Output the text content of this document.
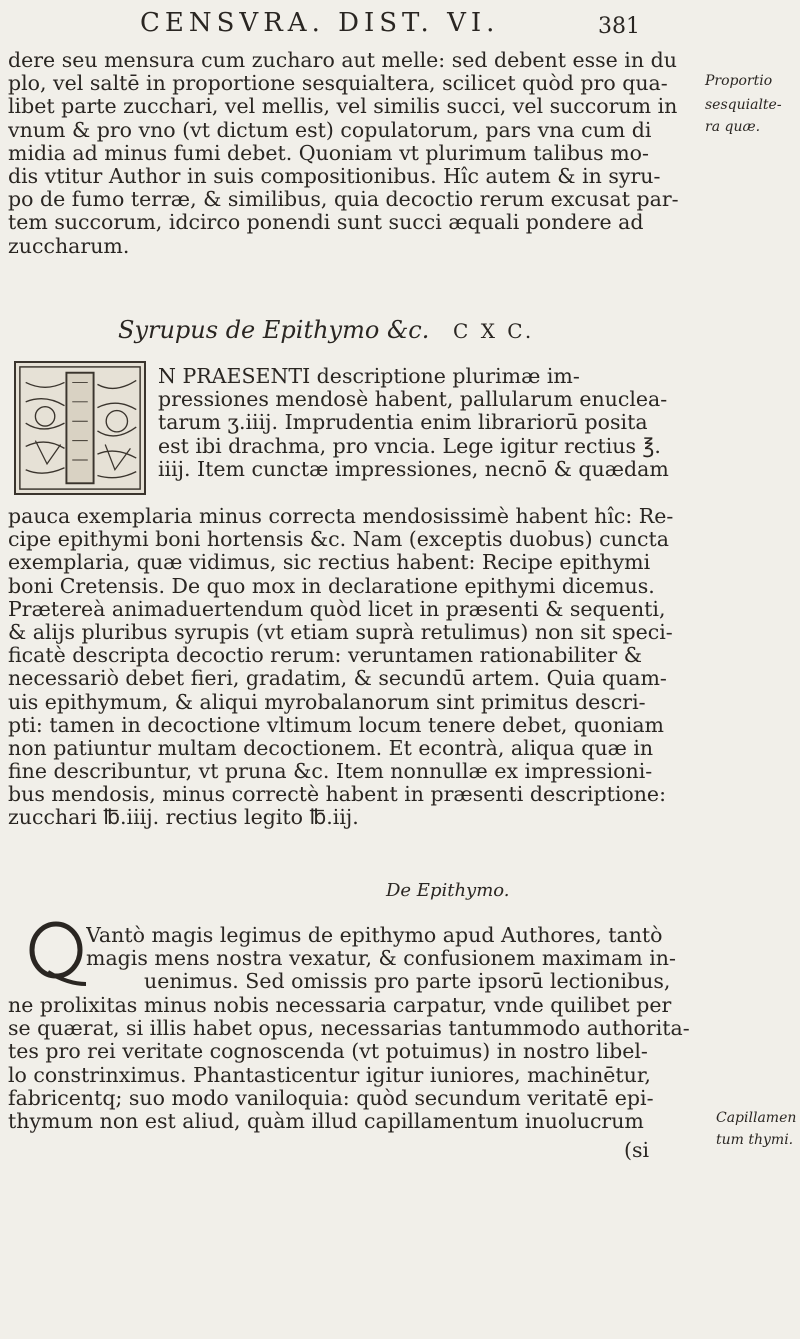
CENSVRA. DIST. VI.	381
dere seu mensura cum zucharo aut melle: sed debent esse in du
plo, vel saltē in proportione sesquialtera, scilicet quòd pro qua-
libet parte zucchari, vel mellis, vel similis succi, vel succorum in
vnum & pro vno (vt dictum est) copulatorum, pars vna cum di
midia ad minus fumi debet. Quoniam vt plurimum talibus mo-
dis vtitur Author in suis compositionibus. Hîc autem & in syru-
po de fumo terræ, & similibus, quia decoctio rerum excusat par-
tem succorum, idcirco ponendi sunt succi æquali pondere ad
zuccharum.
Proportio
sesquialte-
ra quæ.
Syrupus de Epithymo &c. C X C.
N PRAESENTI descriptione plurimæ im-
pressiones mendosè habent, pallularum enuclea-
tarum ʒ.iiij. Imprudentia enim librariorū posita
est ibi drachma, pro vncia. Lege igitur rectius ℥.
iiij. Item cunctæ impressiones, necnō & quædam
pauca exemplaria minus correcta mendosissimè habent hîc: Re-
cipe epithymi boni hortensis &c. Nam (exceptis duobus) cuncta
exemplaria, quæ vidimus, sic rectius habent: Recipe epithymi
boni Cretensis. De quo mox in declaratione epithymi dicemus.
Prætereà animaduertendum quòd licet in præsenti & sequenti,
& alijs pluribus syrupis (vt etiam suprà retulimus) non sit speci-
ficatè descripta decoctio rerum: veruntamen rationabiliter &
necessariò debet fieri, gradatim, & secundū artem. Quia quam-
uis epithymum, & aliqui myrobalanorum sint primitus descri-
pti: tamen in decoctione vltimum locum tenere debet, quoniam
non patiuntur multam decoctionem. Et econtrà, aliqua quæ in
fine describuntur, vt pruna &c. Item nonnullæ ex impressioni-
bus mendosis, minus correctè habent in præsenti descriptione:
zucchari ℔.iiij. rectius legito ℔.iij.
De Epithymo.
Vantò magis legimus de epithymo apud Authores, tantò
magis mens nostra vexatur, & confusionem maximam in-
uenimus. Sed omissis pro parte ipsorū lectionibus,
ne prolixitas minus nobis necessaria carpatur, vnde quilibet per
se quærat, si illis habet opus, necessarias tantummodo authorita-
tes pro rei veritate cognoscenda (vt potuimus) in nostro libel-
lo constrinximus. Phantasticentur igitur iuniores, machinētur,
fabricentq; suo modo vaniloquia: quòd secundum veritatē epi-
thymum non est aliud, quàm illud capillamentum inuolucrum	Capillamen
tum thymi.
(si
